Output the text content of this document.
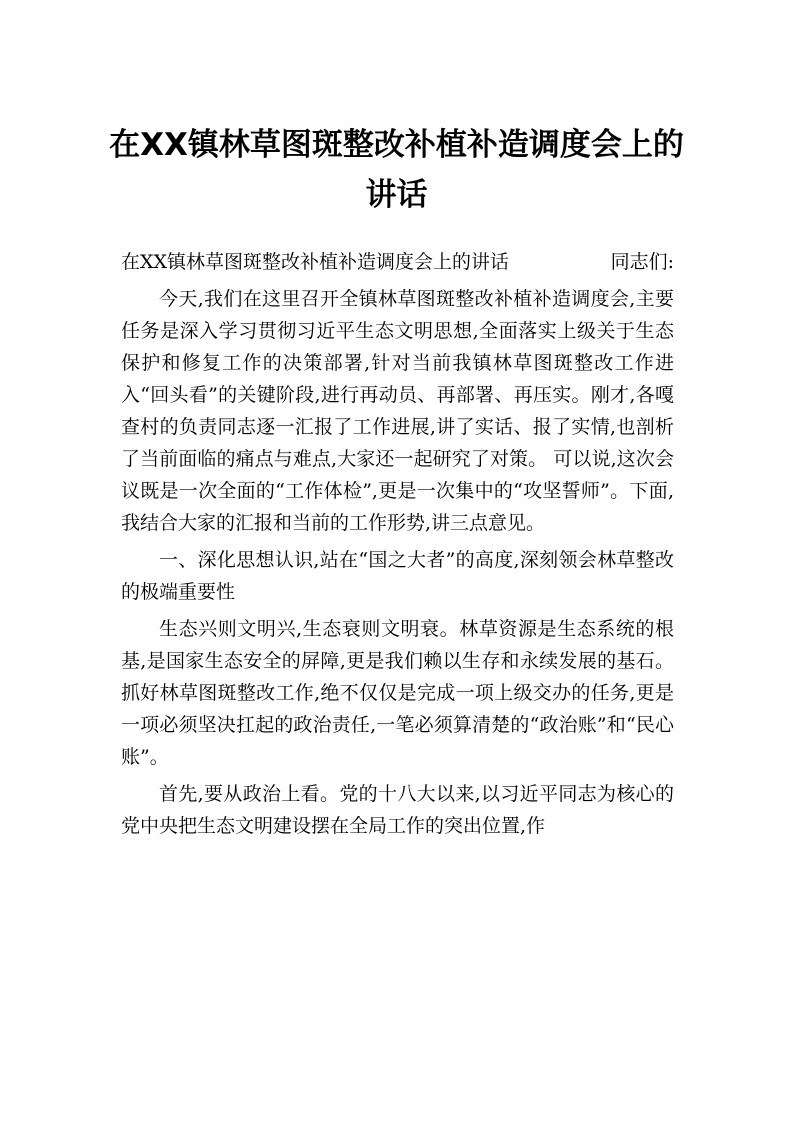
在XX镇林草图斑整改补植补造调度会上的讲话

在XX镇林草图斑整改补植补造调度会上的讲话	同志们:

今天,我们在这里召开全镇林草图斑整改补植补造调度会,主要任务是深入学习贯彻习近平生态文明思想,全面落实上级关于生态保护和修复工作的决策部署,针对当前我镇林草图斑整改工作进入“回头看”的关键阶段,进行再动员、再部署、再压实。刚才,各嘎查村的负责同志逐一汇报了工作进展,讲了实话、报了实情,也剖析了当前面临的痛点与难点,大家还一起研究了对策。 可以说,这次会议既是一次全面的“工作体检”,更是一次集中的“攻坚誓师”。下面,我结合大家的汇报和当前的工作形势,讲三点意见。

一、深化思想认识,站在“国之大者”的高度,深刻领会林草整改的极端重要性

生态兴则文明兴,生态衰则文明衰。林草资源是生态系统的根基,是国家生态安全的屏障,更是我们赖以生存和永续发展的基石。抓好林草图斑整改工作,绝不仅仅是完成一项上级交办的任务,更是一项必须坚决扛起的政治责任,一笔必须算清楚的“政治账”和“民心账”。

首先,要从政治上看。党的十八大以来,以习近平同志为核心的党中央把生态文明建设摆在全局工作的突出位置,作
